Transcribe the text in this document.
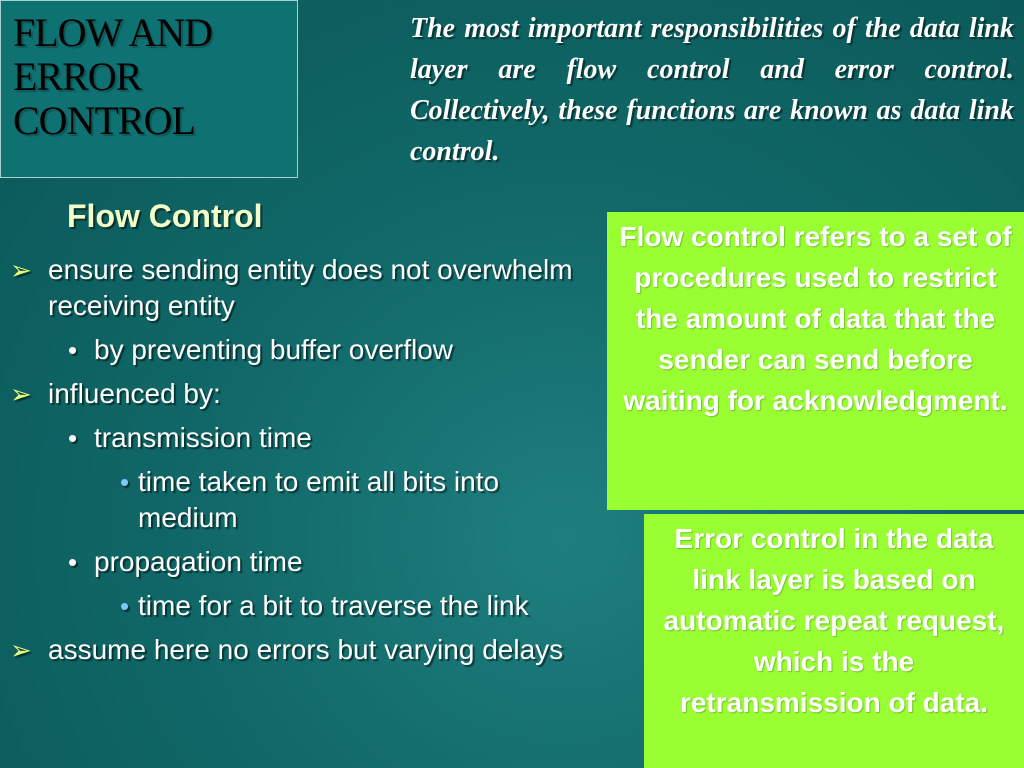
FLOW AND ERROR CONTROL
The most important responsibilities of the data link layer are flow control and error control. Collectively, these functions are known as data link control.
Flow Control
➢ ensure sending entity does not overwhelm receiving entity
• by preventing buffer overflow
➢ influenced by:
• transmission time
• time taken to emit all bits into medium
• propagation time
• time for a bit to traverse the link
➢ assume here no errors but varying delays
Flow control refers to a set of procedures used to restrict the amount of data that the sender can send before waiting for acknowledgment.
Error control in the data link layer is based on automatic repeat request, which is the retransmission of data.
